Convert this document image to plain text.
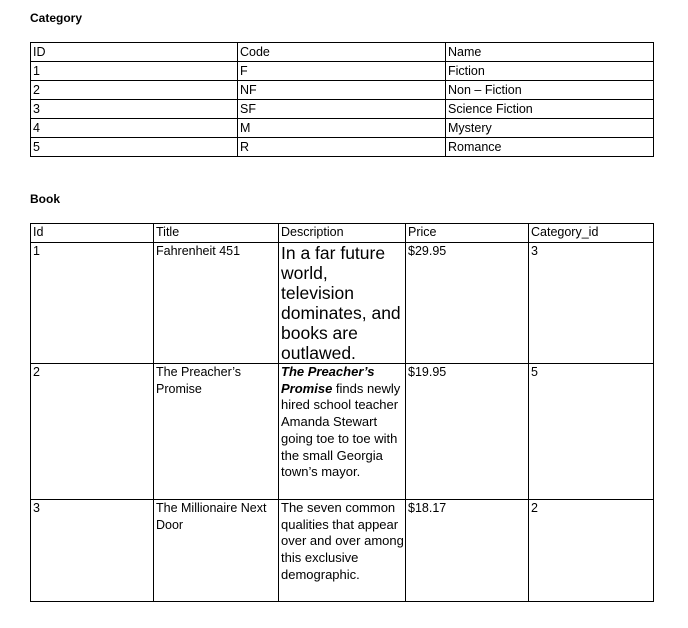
Category
ID	Code	Name
1	F	Fiction
2	NF	Non – Fiction
3	SF	Science Fiction
4	M	Mystery
5	R	Romance
Book
Id	Title	Description	Price	Category_id
1	Fahrenheit 451	In a far future world, television dominates, and books are outlawed.	$29.95	3
2	The Preacher’s Promise	The Preacher’s Promise finds newly hired school teacher Amanda Stewart going toe to toe with the small Georgia town’s mayor.	$19.95	5
3	The Millionaire Next Door	The seven common qualities that appear over and over among this exclusive demographic.	$18.17	2
